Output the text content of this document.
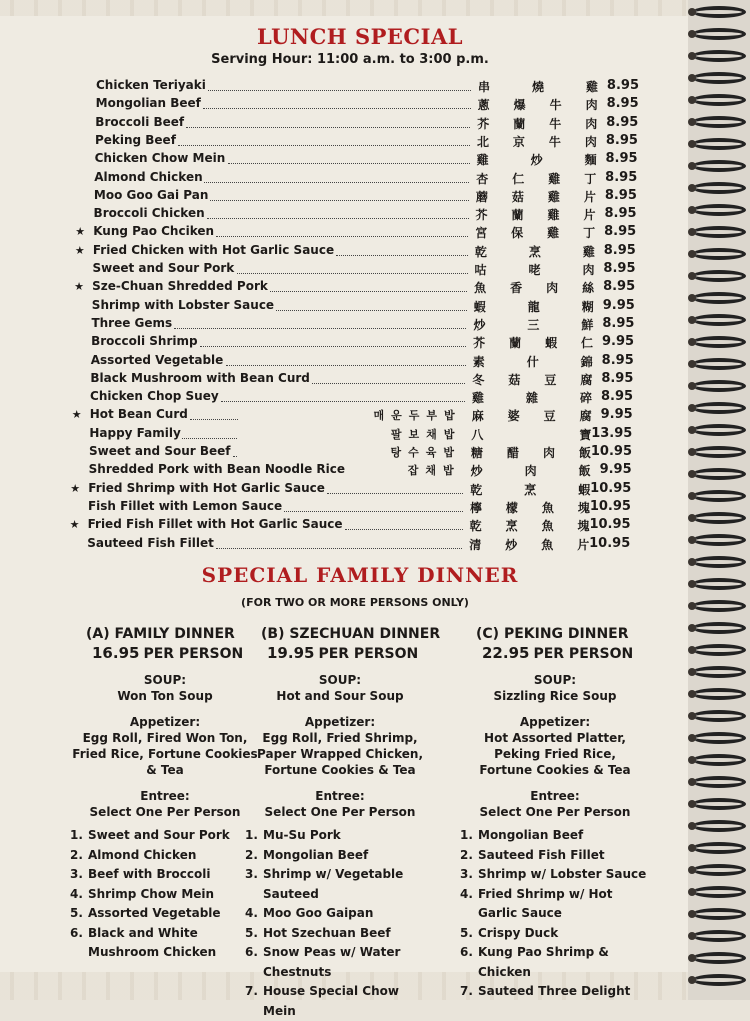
LUNCH SPECIAL
Serving Hour: 11:00 a.m. to 3:00 p.m.
Chicken Teriyaki	串	燒	雞 8.95
Mongolian Beef	蔥 爆 牛 肉 8.95
Broccoli Beef	芥 蘭 牛 肉 8.95
Peking Beef	北 京 牛 肉 8.95
Chicken Chow Mein	雞	炒	麵 8.95
Almond Chicken	杏 仁 雞 丁 8.95
Moo Goo Gai Pan	蘑 菇 雞 片 8.95
Broccoli Chicken	芥 蘭 雞 片 8.95
★ Kung Pao Chciken	宮 保 雞 丁 8.95
★ Fried Chicken with Hot Garlic Sauce	乾	烹	雞 8.95
Sweet and Sour Pork	咕	咾	肉 8.95
★ Sze-Chuan Shredded Pork	魚 香 肉 絲 8.95
Shrimp with Lobster Sauce	蝦	龍	糊 9.95
Three Gems	炒	三	鮮 8.95
Broccoli Shrimp	芥 蘭 蝦 仁 9.95
Assorted Vegetable	素	什	錦 8.95
Black Mushroom with Bean Curd	冬 菇 豆 腐 8.95
Chicken Chop Suey	雞	雜	碎 8.95
★ Hot Bean Curd	매운두부밥 麻 婆 豆 腐 9.95
Happy Family	팔보채밥 八	寶 13.95
Sweet and Sour Beef	탕수육밥 糖 醋 肉 飯 10.95
Shredded Pork with Bean Noodle Rice	잡채밥 炒	肉	飯 9.95
★ Fried Shrimp with Hot Garlic Sauce	乾	烹	蝦 10.95
Fish Fillet with Lemon Sauce	檸 檬 魚 塊 10.95
★ Fried Fish Fillet with Hot Garlic Sauce	乾 烹 魚 塊 10.95
Sauteed Fish Fillet	清 炒 魚 片 10.95
SPECIAL FAMILY DINNER
(FOR TWO OR MORE PERSONS ONLY)
(A) FAMILY DINNER
16.95 PER PERSON
SOUP:
Won Ton Soup
Appetizer:
Egg Roll, Fired Won Ton,
Fried Rice, Fortune Cookies
& Tea
Entree:
Select One Per Person
1. Sweet and Sour Pork
2. Almond Chicken
3. Beef with Broccoli
4. Shrimp Chow Mein
5. Assorted Vegetable
6. Black and White Mushroom Chicken
(B) SZECHUAN DINNER
19.95 PER PERSON
SOUP:
Hot and Sour Soup
Appetizer:
Egg Roll, Fried Shrimp,
Paper Wrapped Chicken,
Fortune Cookies & Tea
Entree:
Select One Per Person
1. Mu-Su Pork
2. Mongolian Beef
3. Shrimp w/ Vegetable Sauteed
4. Moo Goo Gaipan
5. Hot Szechuan Beef
6. Snow Peas w/ Water Chestnuts
7. House Special Chow Mein
(C) PEKING DINNER
22.95 PER PERSON
SOUP:
Sizzling Rice Soup
Appetizer:
Hot Assorted Platter,
Peking Fried Rice,
Fortune Cookies & Tea
Entree:
Select One Per Person
1. Mongolian Beef
2. Sauteed Fish Fillet
3. Shrimp w/ Lobster Sauce
4. Fried Shrimp w/ Hot Garlic Sauce
5. Crispy Duck
6. Kung Pao Shrimp & Chicken
7. Sauteed Three Delight
